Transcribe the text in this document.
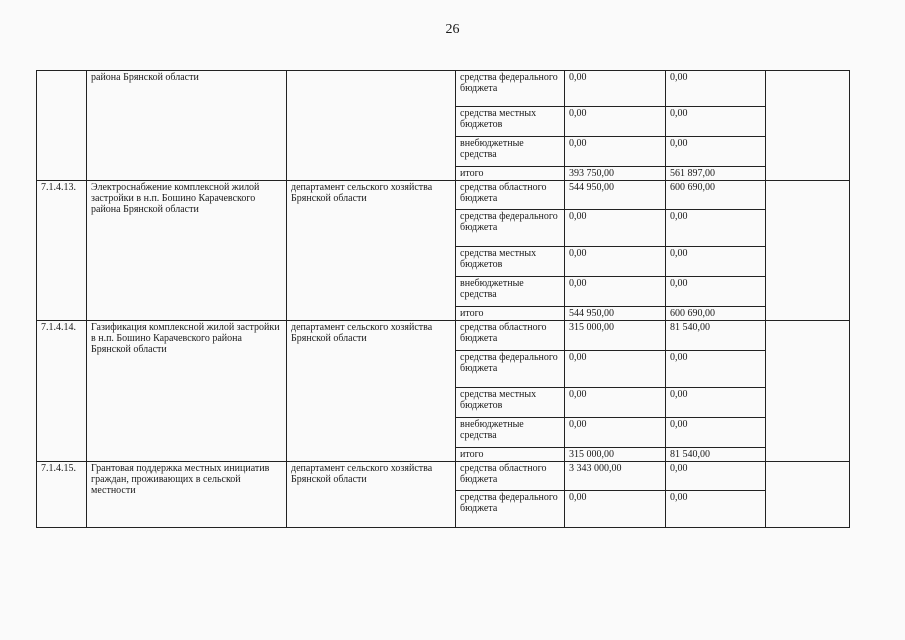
26
	района Брянской области		средства федерального бюджета	0,00	0,00	
			средства местных бюджетов	0,00	0,00	
			внебюджетные средства	0,00	0,00	
			итого	393 750,00	561 897,00	
7.1.4.13.	Электроснабжение комплексной жилой застройки в н.п. Бошино Карачевского района Брянской области	департамент сельского хозяйства Брянской области	средства областного бюджета	544 950,00	600 690,00	
			средства федерального бюджета	0,00	0,00	
			средства местных бюджетов	0,00	0,00	
			внебюджетные средства	0,00	0,00	
			итого	544 950,00	600 690,00	
7.1.4.14.	Газификация комплексной жилой застройки в н.п. Бошино Карачевского района Брянской области	департамент сельского хозяйства Брянской области	средства областного бюджета	315 000,00	81 540,00	
			средства федерального бюджета	0,00	0,00	
			средства местных бюджетов	0,00	0,00	
			внебюджетные средства	0,00	0,00	
			итого	315 000,00	81 540,00	
7.1.4.15.	Грантовая поддержка местных инициатив граждан, проживающих в сельской местности	департамент сельского хозяйства Брянской области	средства областного бюджета	3 343 000,00	0,00	
			средства федерального бюджета	0,00	0,00	
